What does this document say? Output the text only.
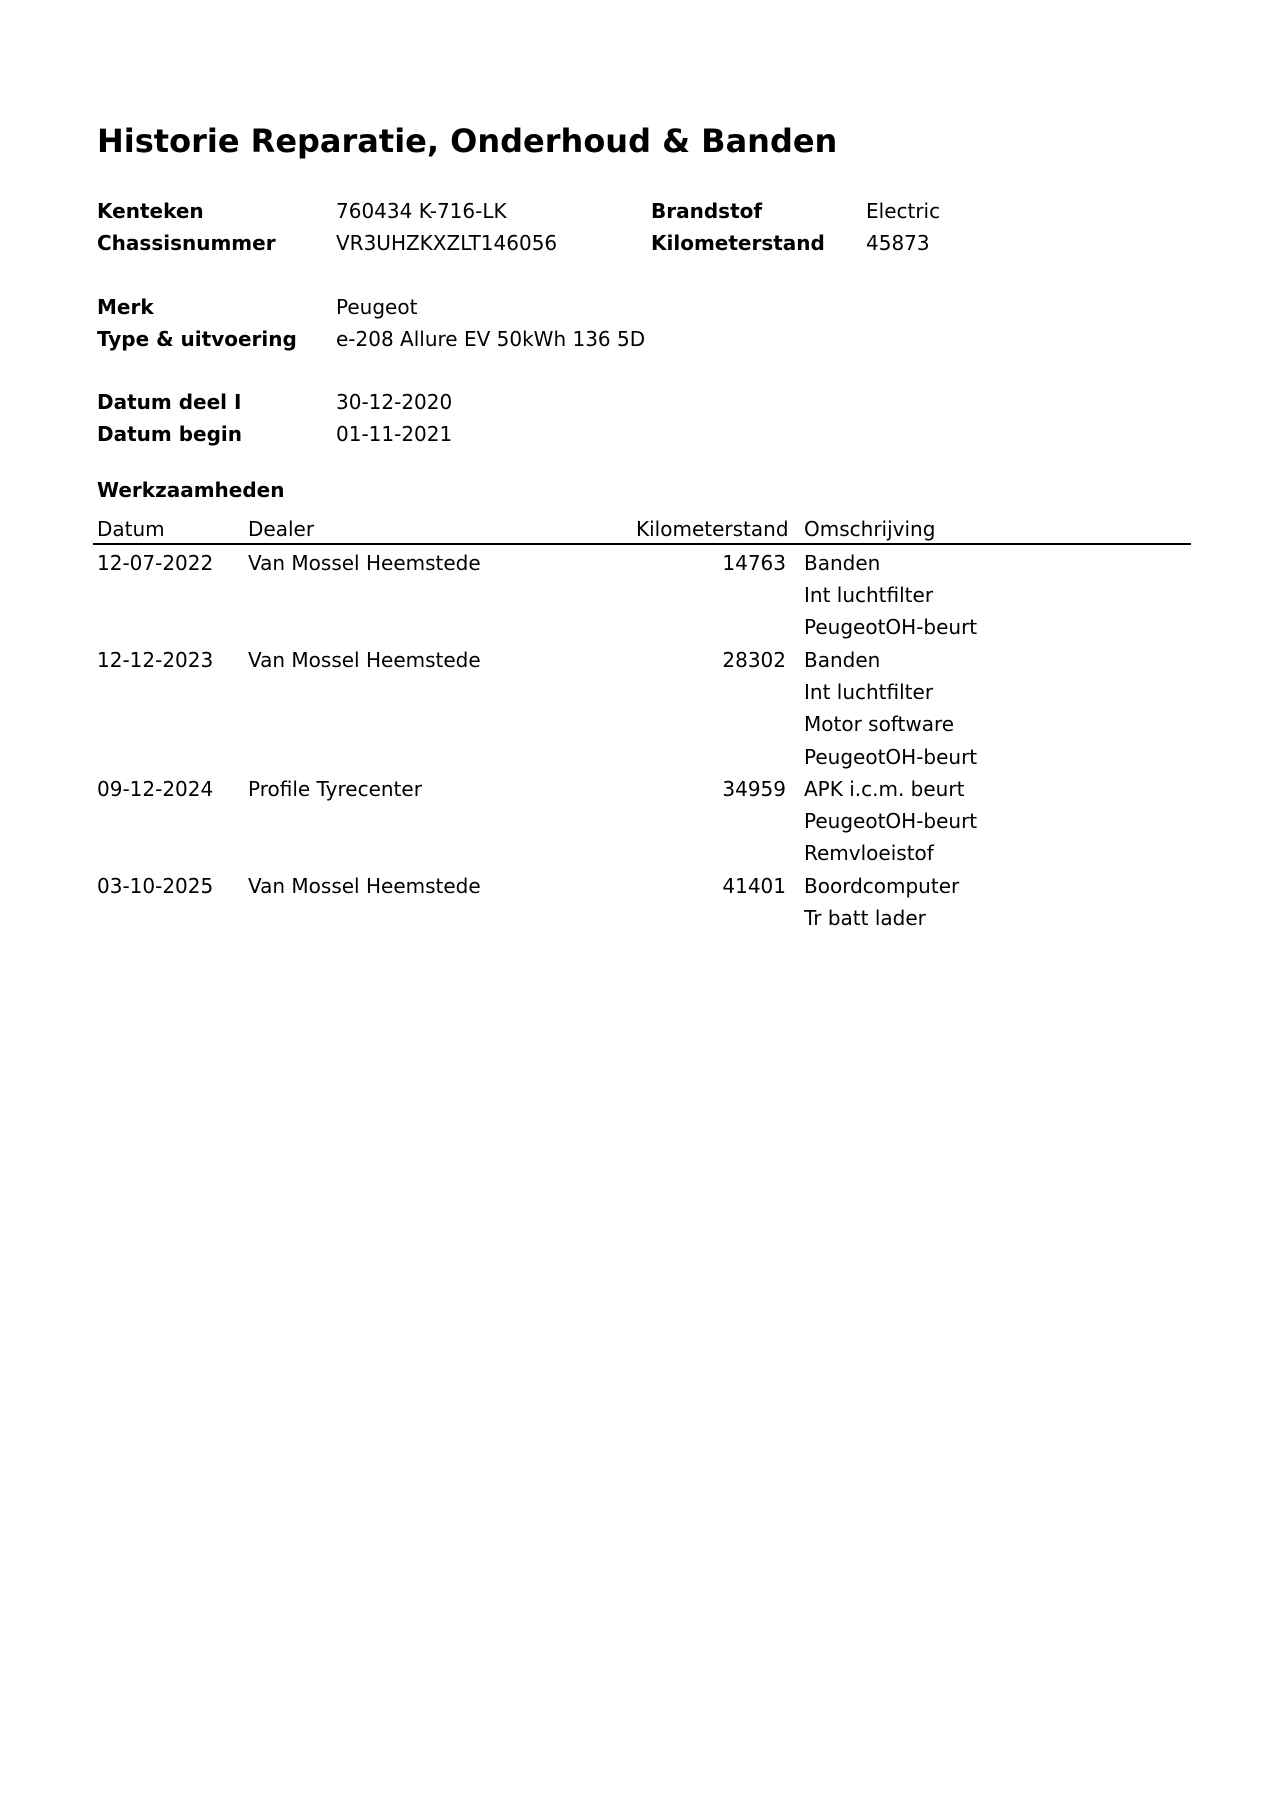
Historie Reparatie, Onderhoud & Banden
Kenteken	760434 K-716-LK	Brandstof	Electric
Chassisnummer	VR3UHZKXZLT146056	Kilometerstand 45873
Merk	Peugeot
Type & uitvoering e-208 Allure EV 50kWh 136 5D
Datum deel I	30-12-2020
Datum begin	01-11-2021
Werkzaamheden
Datum	Dealer	Kilometerstand Omschrijving
12-07-2022 Van Mossel Heemstede	14763 Banden
Int luchtfilter
PeugeotOH-beurt
12-12-2023 Van Mossel Heemstede	28302 Banden
Int luchtfilter
Motor software
PeugeotOH-beurt
09-12-2024 Profile Tyrecenter	34959 APK i.c.m. beurt
PeugeotOH-beurt
Remvloeistof
03-10-2025 Van Mossel Heemstede	41401 Boordcomputer
Tr batt lader
